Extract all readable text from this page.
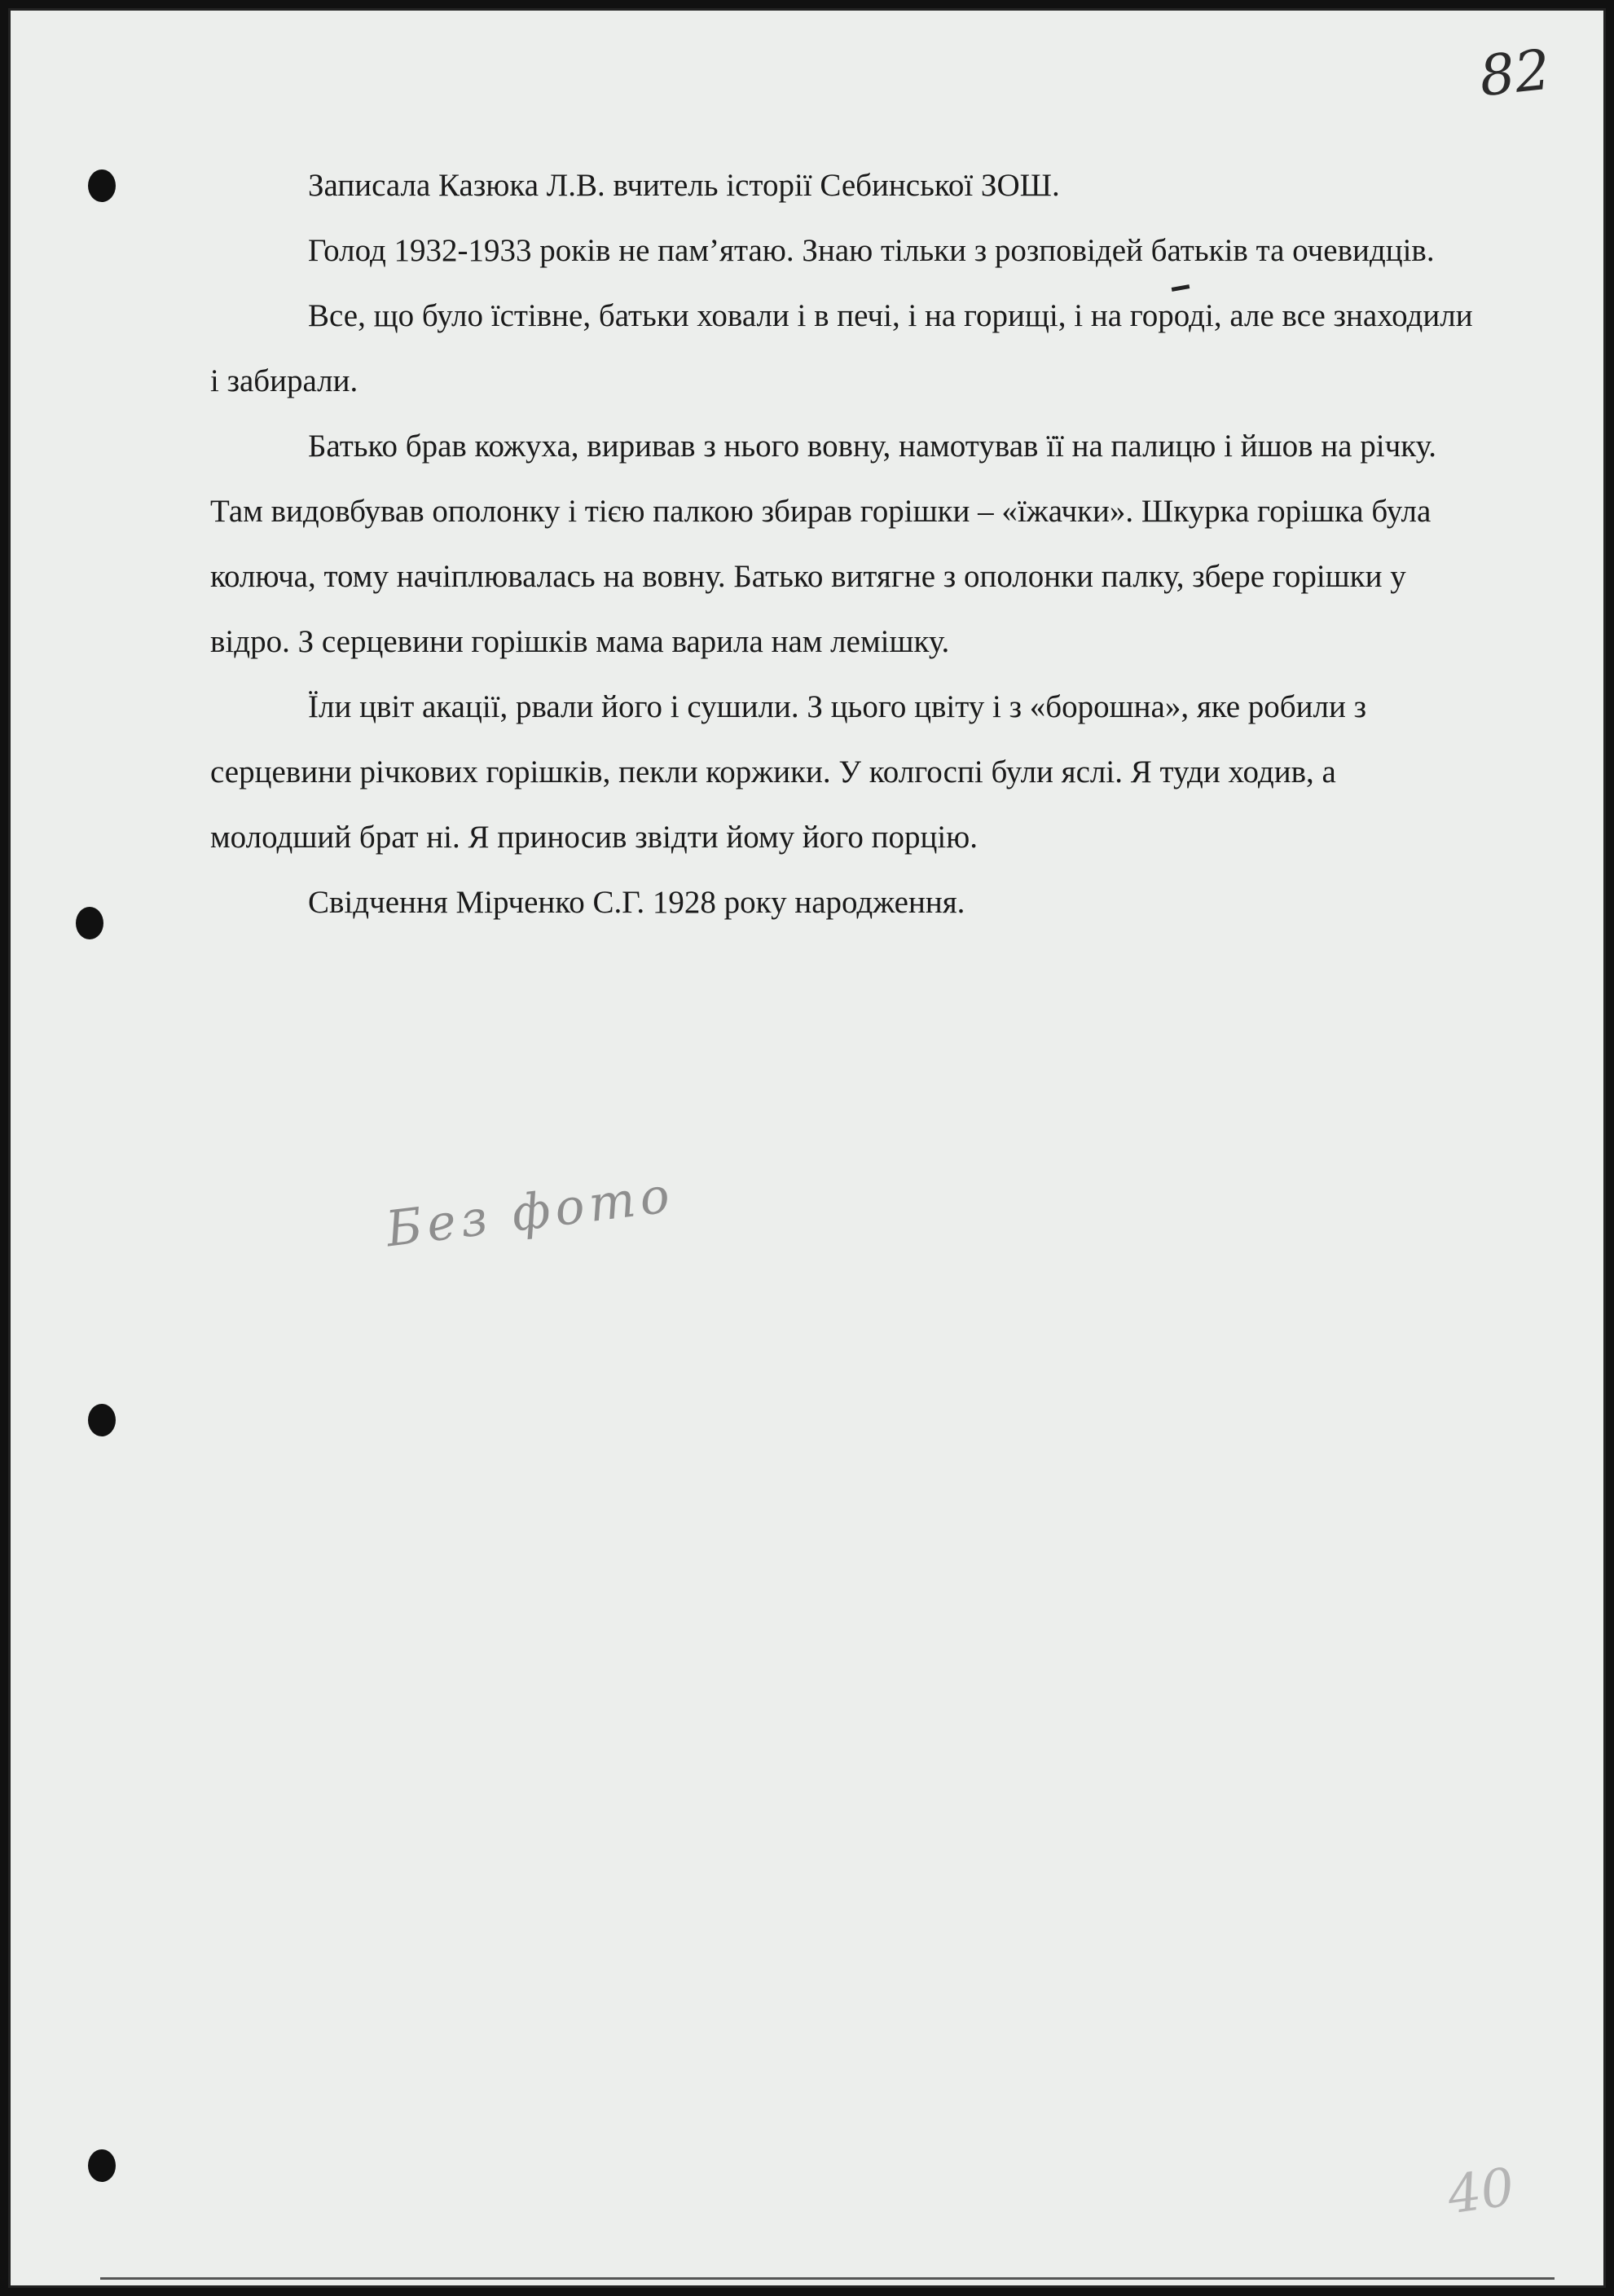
82

Записала Казюка Л.В. вчитель історії Себинської ЗОШ.

Голод 1932-1933 років не пам’ятаю. Знаю тільки з розповідей батьків та очевидців.

Все, що було їстівне, батьки ховали і в печі, і на горищі, і на городі, але все знаходили і забирали.

Батько брав кожуха, виривав з нього вовну, намотував її на палицю і йшов на річку. Там видовбував ополонку і тією палкою збирав горішки – «їжачки». Шкурка горішка була колюча, тому начіплювалась на вовну. Батько витягне з ополонки палку, збере горішки у відро. З серцевини горішків мама варила нам лемішку.

Їли цвіт акації, рвали його і сушили. З цього цвіту і з «борошна», яке робили з серцевини річкових горішків, пекли коржики. У колгоспі були яслі. Я туди ходив, а молодший брат ні. Я приносив звідти йому його порцію.

Свідчення Мірченко С.Г. 1928 року народження.

Без фото
40
